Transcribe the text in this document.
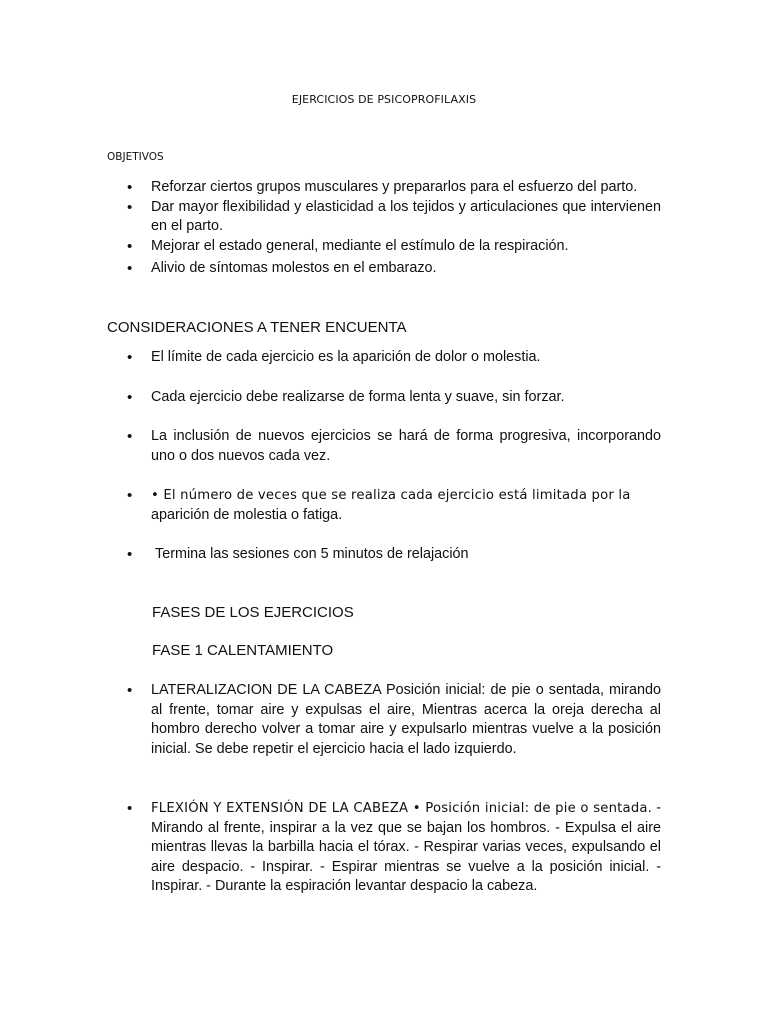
EJERCICIOS DE PSICOPROFILAXIS
OBJETIVOS
• Reforzar ciertos grupos musculares y prepararlos para el esfuerzo del parto.
• Dar mayor flexibilidad y elasticidad a los tejidos y articulaciones que intervienen en el parto.
• Mejorar el estado general, mediante el estímulo de la respiración.
• Alivio de síntomas molestos en el embarazo.
CONSIDERACIONES A TENER ENCUENTA
• El límite de cada ejercicio es la aparición de dolor o molestia.
• Cada ejercicio debe realizarse de forma lenta y suave, sin forzar.
• La inclusión de nuevos ejercicios se hará de forma progresiva, incorporando uno o dos nuevos cada vez.
• • El número de veces que se realiza cada ejercicio está limitada por la
aparición de molestia o fatiga.
• Termina las sesiones con 5 minutos de relajación
FASES DE LOS EJERCICIOS
FASE 1 CALENTAMIENTO
• LATERALIZACION DE LA CABEZA Posición inicial: de pie o sentada, mirando al frente, tomar aire y expulsas el aire, Mientras acerca la oreja derecha al hombro derecho volver a tomar aire y expulsarlo mientras vuelve a la posición inicial. Se debe repetir el ejercicio hacia el lado izquierdo.
• FLEXIÓN Y EXTENSIÓN DE LA CABEZA • Posición inicial: de pie o sentada. - Mirando al frente, inspirar a la vez que se bajan los hombros. - Expulsa el aire mientras llevas la barbilla hacia el tórax. - Respirar varias veces, expulsando el aire despacio. - Inspirar. - Espirar mientras se vuelve a la posición inicial. - Inspirar. - Durante la espiración levantar despacio la cabeza.
